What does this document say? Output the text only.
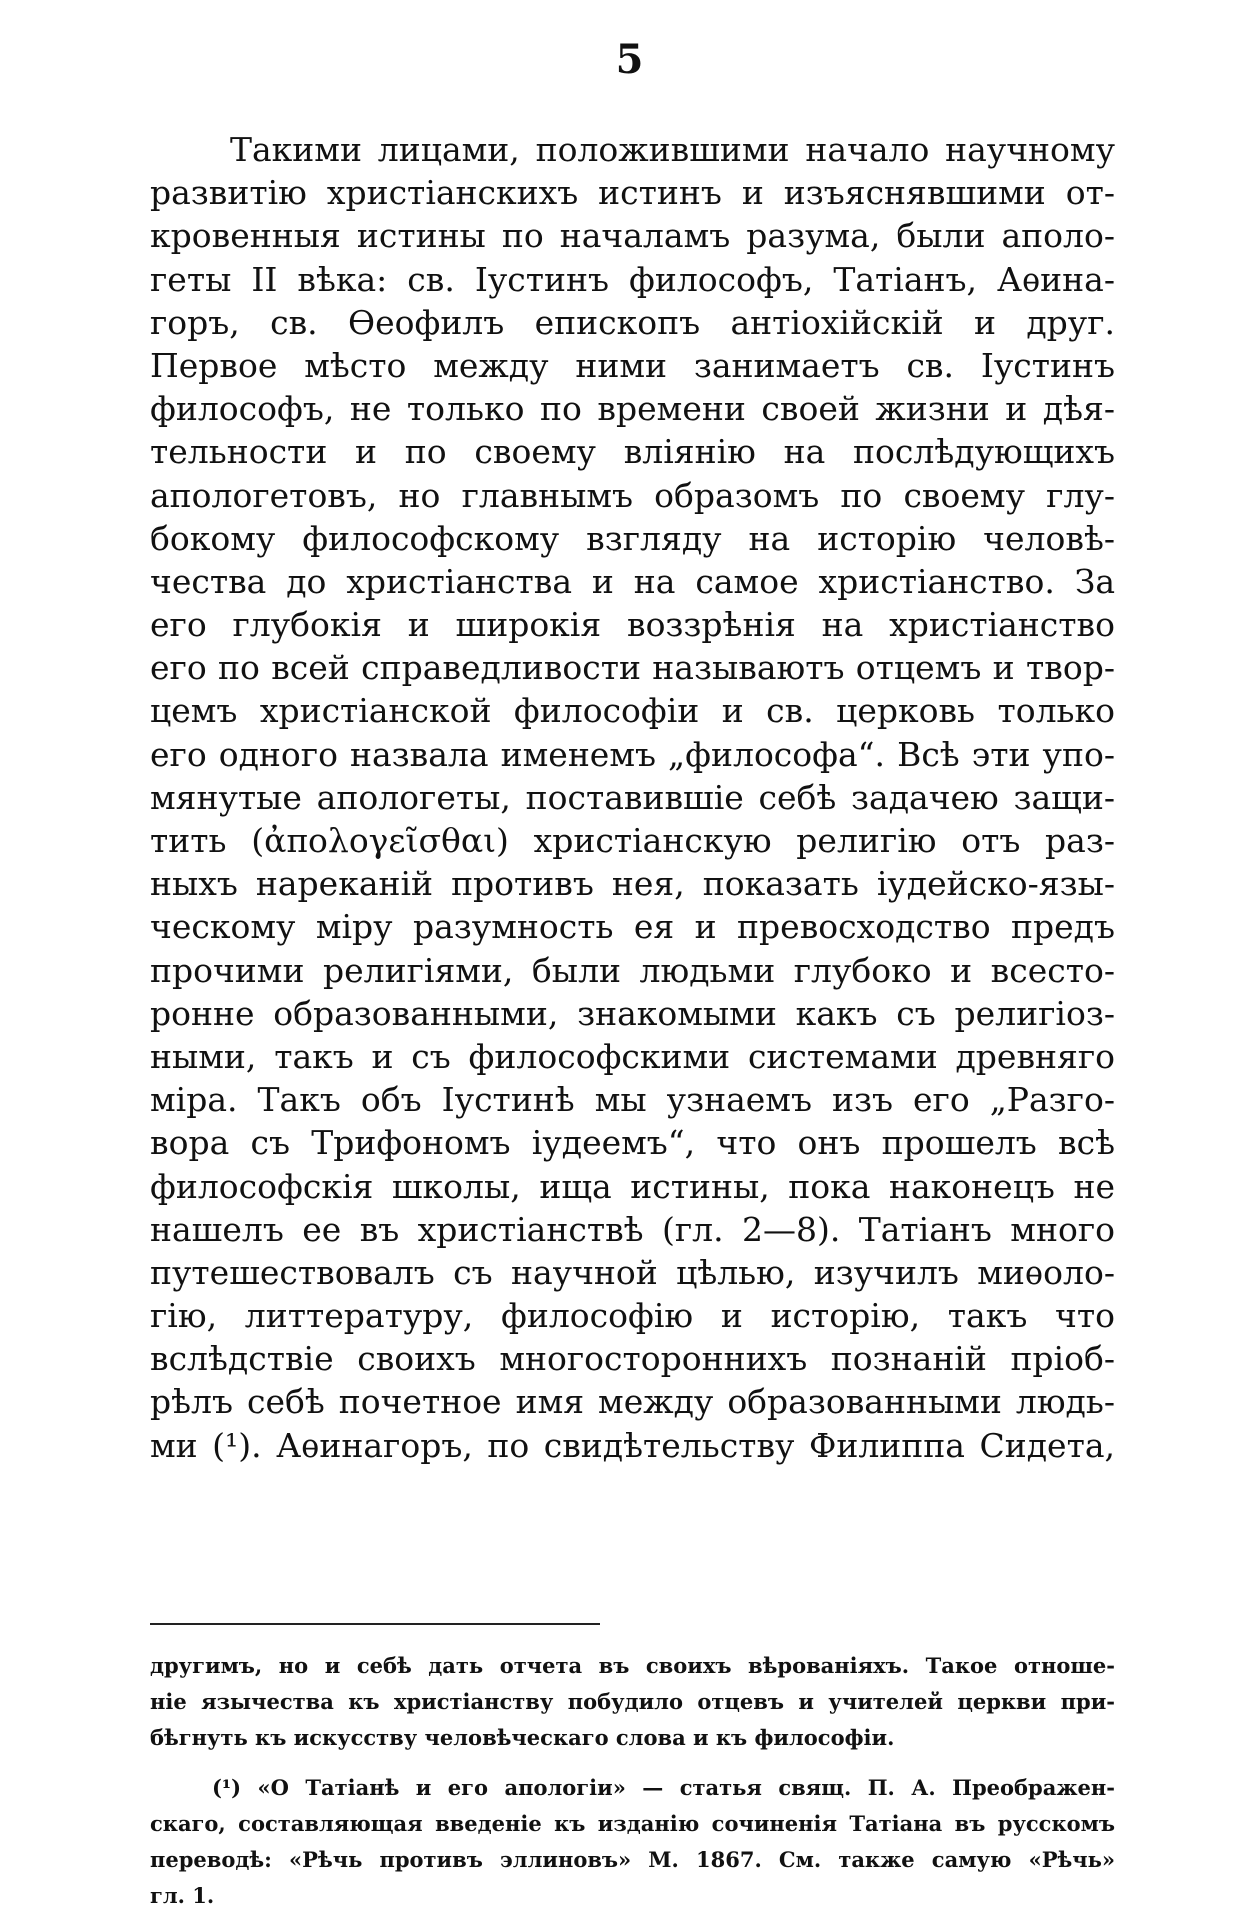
5
Такими лицами, положившими начало научному
развитію христіанскихъ истинъ и изъяснявшими от-
кровенныя истины по началамъ разума, были аполо-
геты II вѣка: св. Іустинъ философъ, Татіанъ, Аѳина-
горъ, св. Ѳеофилъ епископъ антіохійскій и друг.
Первое мѣсто между ними занимаетъ св. Іустинъ
философъ, не только по времени своей жизни и дѣя-
тельности и по своему вліянію на послѣдующихъ
апологетовъ, но главнымъ образомъ по своему глу-
бокому философскому взгляду на исторію человѣ-
чества до христіанства и на самое христіанство. За
его глубокія и широкія воззрѣнія на христіанство
его по всей справедливости называютъ отцемъ и твор-
цемъ христіанской философіи и св. церковь только
его одного назвала именемъ „философа“. Всѣ эти упо-
мянутые апологеты, поставившіе себѣ задачею защи-
тить (ἀπολογεῖσθαι) христіанскую религію отъ раз-
ныхъ нареканій противъ нея, показать іудейско-язы-
ческому міру разумность ея и превосходство предъ
прочими религіями, были людьми глубоко и всесто-
ронне образованными, знакомыми какъ съ религіоз-
ными, такъ и съ философскими системами древняго
міра. Такъ объ Іустинѣ мы узнаемъ изъ его „Разго-
вора съ Трифономъ іудеемъ“, что онъ прошелъ всѣ
философскія школы, ища истины, пока наконецъ не
нашелъ ее въ христіанствѣ (гл. 2—8). Татіанъ много
путешествовалъ съ научной цѣлью, изучилъ миѳоло-
гію, литтературу, философію и исторію, такъ что
вслѣдствіе своихъ многостороннихъ познаній пріоб-
рѣлъ себѣ почетное имя между образованными людь-
ми (¹). Аѳинагоръ, по свидѣтельству Филиппа Сидета,
другимъ, но и себѣ дать отчета въ своихъ вѣрованіяхъ. Такое отноше-
ніе язычества къ христіанству побудило отцевъ и учителей церкви при-
бѣгнуть къ искусству человѣческаго слова и къ философіи.
(¹) «О Татіанѣ и его апологіи» — статья свящ. П. А. Преображен-
скаго, составляющая введеніе къ изданію сочиненія Татіана въ русскомъ
переводѣ: «Рѣчь противъ эллиновъ» М. 1867. См. также самую «Рѣчь»
гл. 1.
